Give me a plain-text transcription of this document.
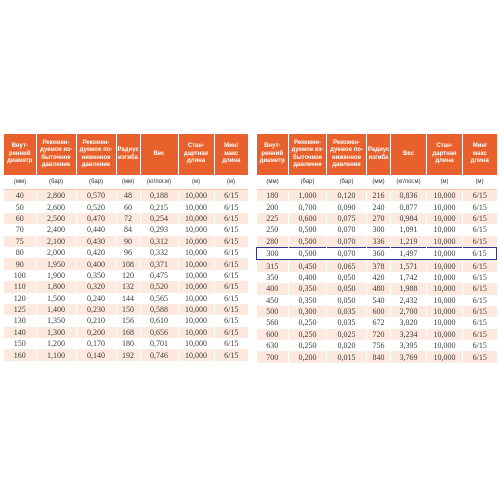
Внут-
ренний
диаметр	Рекомен-
дуемое из-
быточное
давление	Рекомен-
дуемое по-
ниженное
давление	Радиус
изгиба	Вес	Стан-
дартная
длина	Мин/
макс
длина
(мм)	(бар)	(бар)	(мм)	(кг/пог.м)	(м)	(м)
40	2,800	0,570	48	0,188	10,000	6/15
50	2,600	0,520	60	0,215	10,000	6/15
60	2,500	0,470	72	0,254	10,000	6/15
70	2,400	0,440	84	0,293	10,000	6/15
75	2,100	0,430	90	0,312	10,000	6/15
80	2,000	0,420	96	0,332	10,000	6/15
90	1,950	0,400	108	0,371	10,000	6/15
100	1,900	0,350	120	0,475	10,000	6/15
110	1,800	0,320	132	0,520	10,000	6/15
120	1,500	0,240	144	0,565	10,000	6/15
125	1,400	0,230	150	0,588	10,000	6/15
130	1,350	0,210	156	0,610	10,000	6/15
140	1,300	0,200	168	0,656	10,000	6/15
150	1,200	0,170	180	0,701	10,000	6/15
160	1,100	0,140	192	0,746	10,000	6/15
Внут-
ренний
диаметр	Рекомен-
дуемое из-
быточное
давление	Рекомен-
дуемое по-
ниженное
давление	Радиус
изгиба	Вес	Стан-
дартная
длина	Мин/
макс
длина
(мм)	(бар)	(бар)	(мм)	(кг/пог.м)	(м)	(м)
180	1,000	0,120	216	0,836	10,000	6/15
200	0,700	0,090	240	0,877	10,000	6/15
225	0,600	0,075	270	0,984	10,000	6/15
250	0,500	0,070	300	1,091	10,000	6/15
280	0,500	0,070	336	1,219	10,000	6/15
300	0,500	0,070	360	1,497	10,000	6/15
315	0,450	0,065	378	1,571	10,000	6/15
350	0,400	0,050	420	1,742	10,000	6/15
400	0,350	0,050	480	1,988	10,000	6/15
450	0,350	0,050	540	2,432	10,000	6/15
500	0,300	0,035	600	2,700	10,000	6/15
560	0,250	0,035	672	3,020	10,000	6/15
600	0,250	0,025	720	3,234	10,000	6/15
630	0,250	0,020	756	3,395	10,000	6/15
700	0,200	0,015	840	3,769	10,000	6/15
